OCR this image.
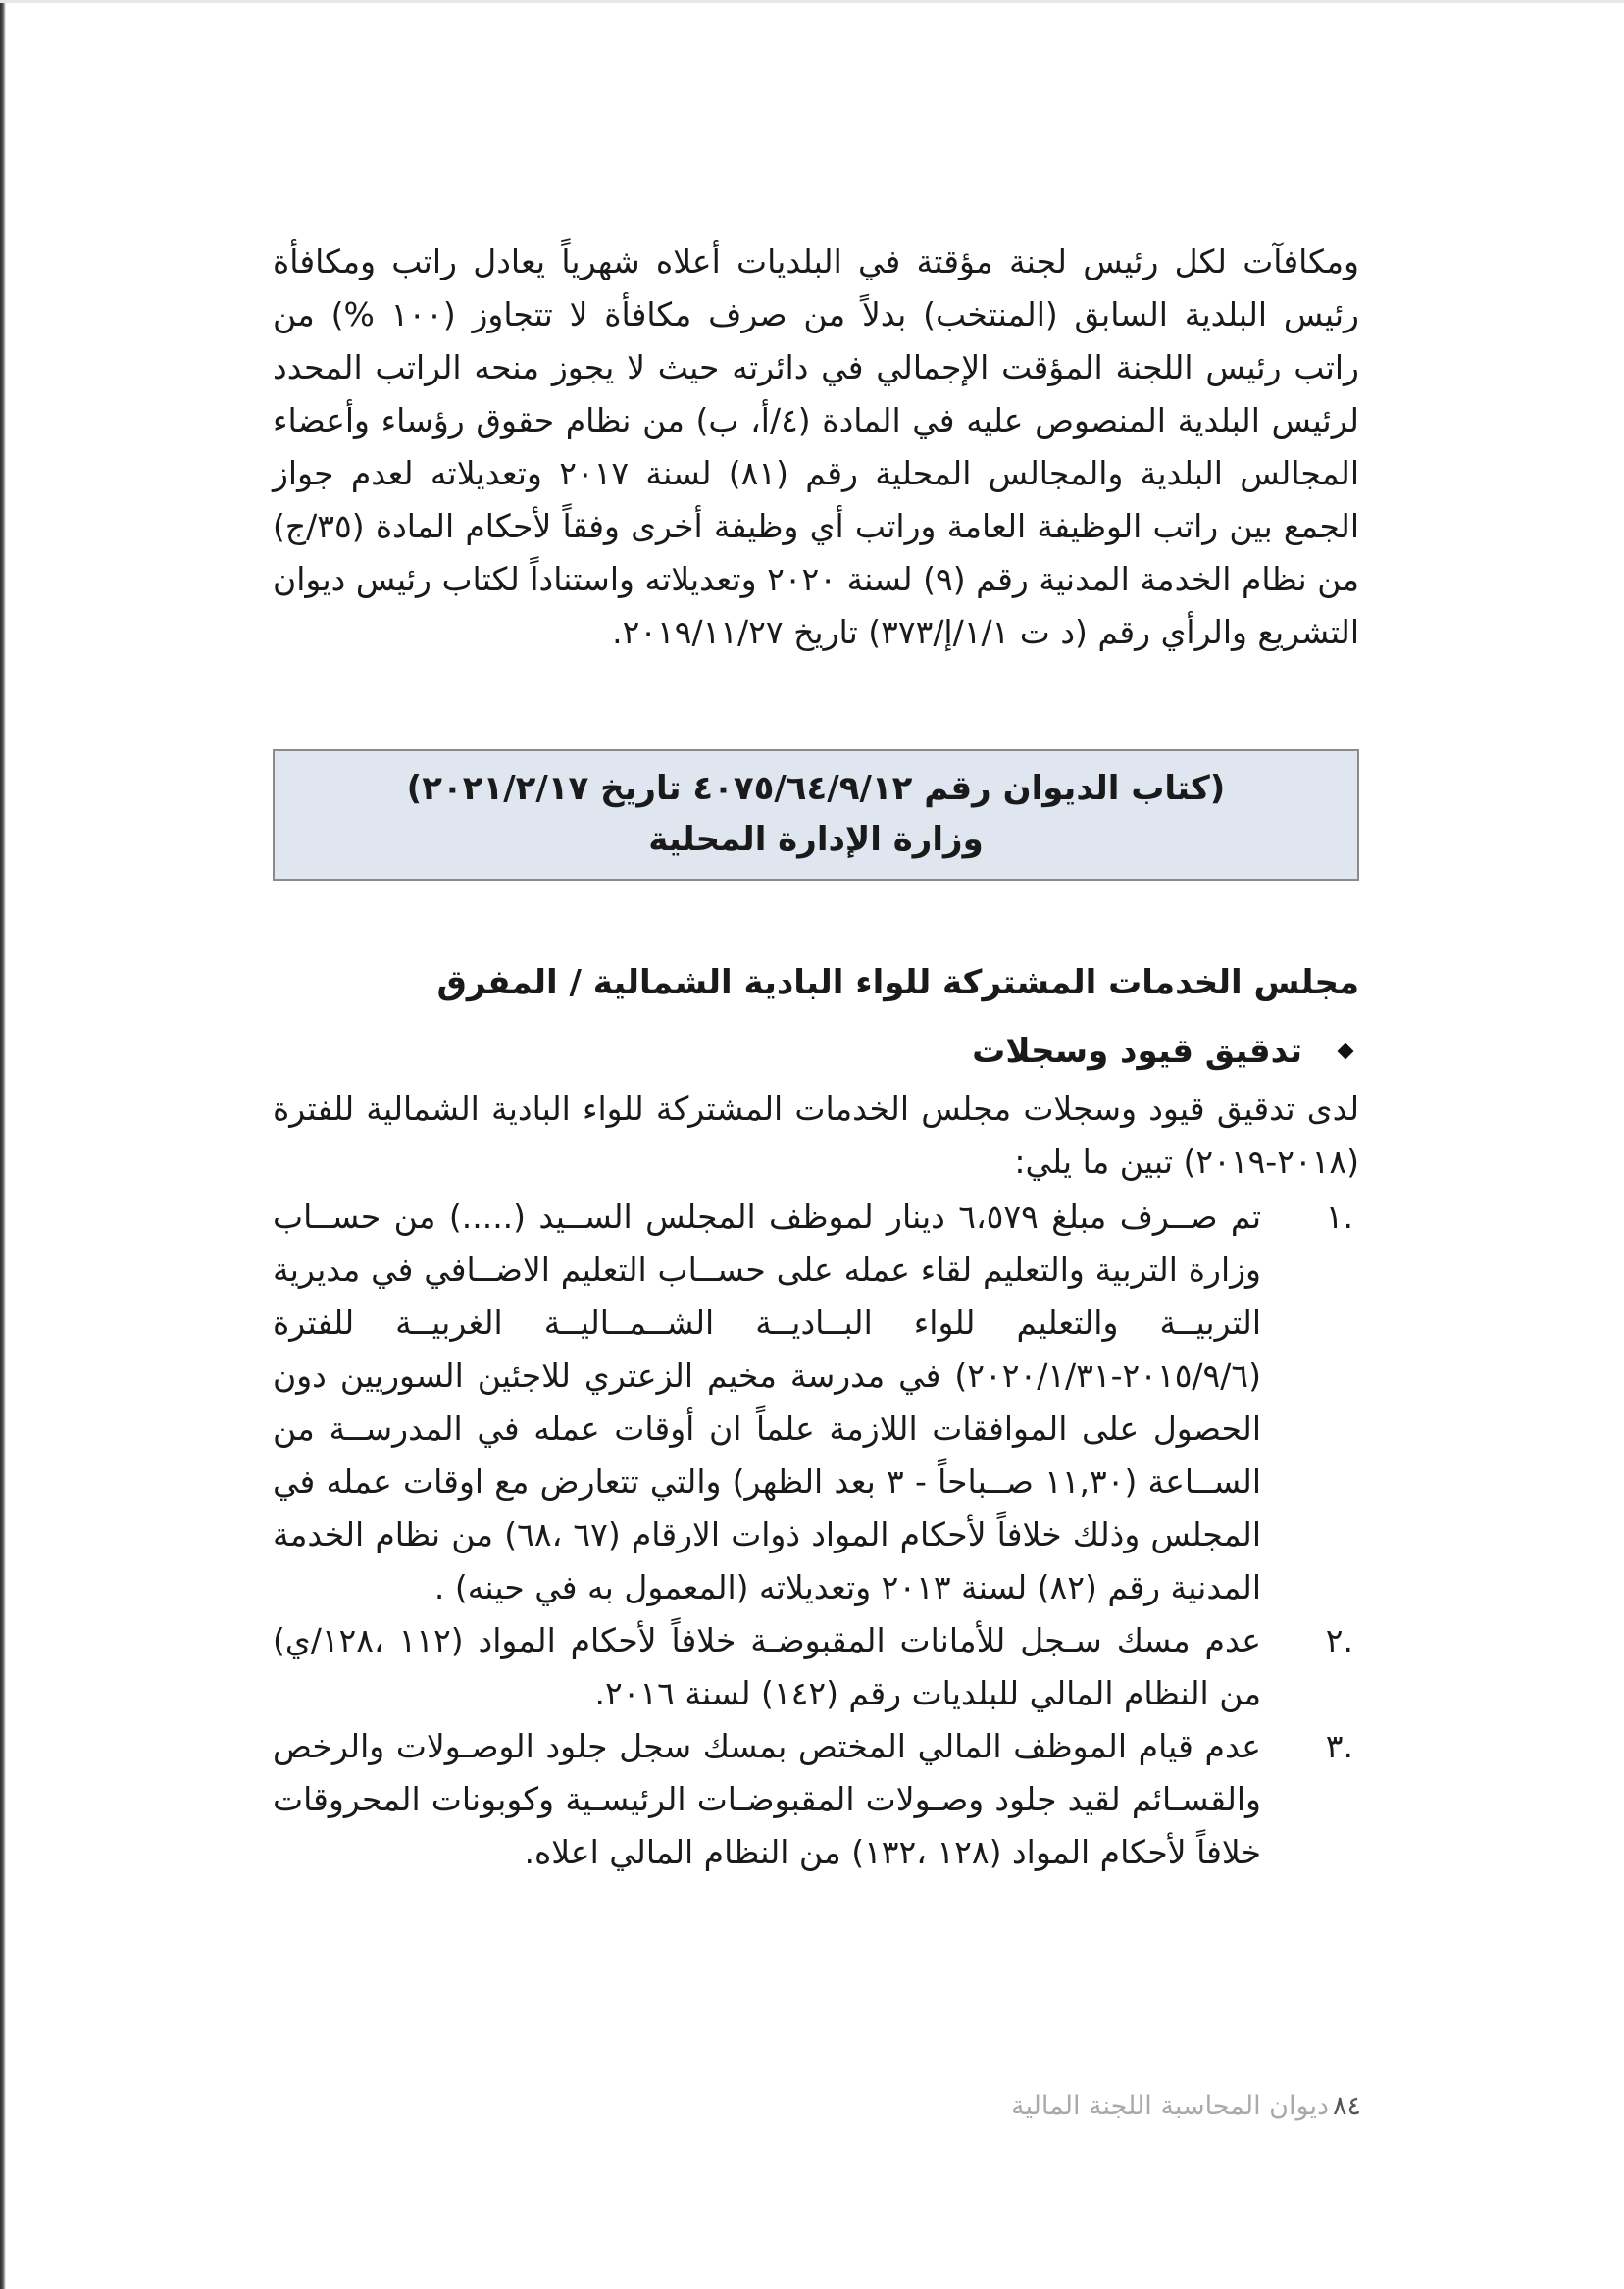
ومكافآت لكل رئيس لجنة مؤقتة في البلديات أعلاه شهرياً يعادل راتب ومكافأة رئيس البلدية السابق (المنتخب) بدلاً من صرف مكافأة لا تتجاوز (١٠٠ %) من راتب رئيس اللجنة المؤقت الإجمالي في دائرته حيث لا يجوز منحه الراتب المحدد لرئيس البلدية المنصوص عليه في المادة (٤/أ، ب) من نظام حقوق رؤساء وأعضاء المجالس البلدية والمجالس المحلية رقم (٨١) لسنة ٢٠١٧ وتعديلاته لعدم جواز الجمع بين راتب الوظيفة العامة وراتب أي وظيفة أخرى وفقاً لأحكام المادة (٣٥/ج) من نظام الخدمة المدنية رقم (٩) لسنة ٢٠٢٠ وتعديلاته واستناداً لكتاب رئيس ديوان التشريع والرأي رقم (د ت ١/١/إ/٣٧٣) تاريخ ٢٠١٩/١١/٢٧.

(كتاب الديوان رقم ٤٠٧٥/٦٤/٩/١٢ تاريخ ٢٠٢١/٢/١٧)
وزارة الإدارة المحلية
مجلس الخدمات المشتركة للواء البادية الشمالية / المفرق
تدقيق قيود وسجلات

لدى تدقيق قيود وسجلات مجلس الخدمات المشتركة للواء البادية الشمالية للفترة (٢٠١٨-٢٠١٩) تبين ما يلي:

.١
تم صــرف مبلغ ٦،٥٧٩ دينار لموظف المجلس الســيد (.....) من حســاب وزارة التربية والتعليم لقاء عمله على حســاب التعليم الاضــافي في مديرية التربيــة والتعليم للواء البــاديــة الشــمــاليــة الغربيــة للفترة (٢٠١٥/٩/٦-٢٠٢٠/١/٣١) في مدرسة مخيم الزعتري للاجئين السوريين دون الحصول على الموافقات اللازمة علماً ان أوقات عمله في المدرســة من الســاعة (١١,٣٠ صــباحاً - ٣ بعد الظهر) والتي تتعارض مع اوقات عمله في المجلس وذلك خلافاً لأحكام المواد ذوات الارقام (٦٧ ،٦٨) من نظام الخدمة المدنية رقم (٨٢) لسنة ٢٠١٣ وتعديلاته (المعمول به في حينه) .
.٢
عدم مسك سـجل للأمانات المقبوضـة خلافاً لأحكام المواد (١١٢ ،١٢٨/ي) من النظام المالي للبلديات رقم (١٤٢) لسنة ٢٠١٦.
.٣
عدم قيام الموظف المالي المختص بمسك سجل جلود الوصـولات والرخص والقسـائم لقيد جلود وصـولات المقبوضـات الرئيسـية وكوبونات المحروقات خلافاً لأحكام المواد (١٢٨ ،١٣٢) من النظام المالي اعلاه.
٨٤ديوان المحاسبة اللجنة المالية
